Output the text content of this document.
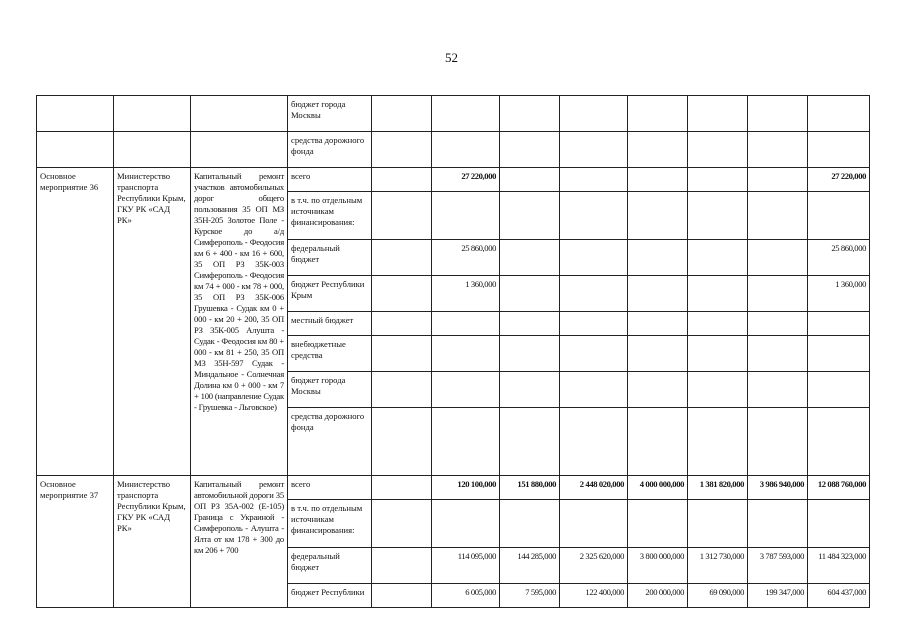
52
			бюджет города Москвы								
			средства дорожного фонда								
Основное мероприятие 36	Министерство транспорта Республики Крым, ГКУ РК «САД РК»	Капитальный ремонт участков автомобильных дорог общего пользования 35 ОП МЗ 35Н-205 Золотое Поле - Курское до а/д Симферополь - Феодосия км 6 + 400 - км 16 + 600, 35 ОП РЗ 35К-003 Симферополь - Феодосия км 74 + 000 - км 78 + 000, 35 ОП РЗ 35К-006 Грушевка - Судак км 0 + 000 - км 20 + 200, 35 ОП РЗ 35К-005 Алушта - Судак - Феодосия км 80 + 000 - км 81 + 250, 35 ОП МЗ 35Н-597 Судак - Миндальное - Солнечная Долина км 0 + 000 - км 7 + 100 (направление Судак - Грушевка - Льговское)	всего		27 220,000						27 220,000
			в т.ч. по отдельным источникам финансирования:								
			федеральный бюджет		25 860,000						25 860,000
			бюджет Республики Крым		1 360,000						1 360,000
			местный бюджет								
			внебюджетные средства								
			бюджет города Москвы								
			средства дорожного фонда								
Основное мероприятие 37	Министерство транспорта Республики Крым, ГКУ РК «САД РК»	Капитальный ремонт автомобильной дороги 35 ОП РЗ 35А-002 (Е-105) Граница с Украиной - Симферополь - Алушта - Ялта от км 178 + 300 до км 206 + 700	всего		120 100,000	151 880,000	2 448 020,000	4 000 000,000	1 381 820,000	3 986 940,000	12 088 760,000
			в т.ч. по отдельным источникам финансирования:								
			федеральный бюджет		114 095,000	144 285,000	2 325 620,000	3 800 000,000	1 312 730,000	3 787 593,000	11 484 323,000
			бюджет Республики		6 005,000	7 595,000	122 400,000	200 000,000	69 090,000	199 347,000	604 437,000
